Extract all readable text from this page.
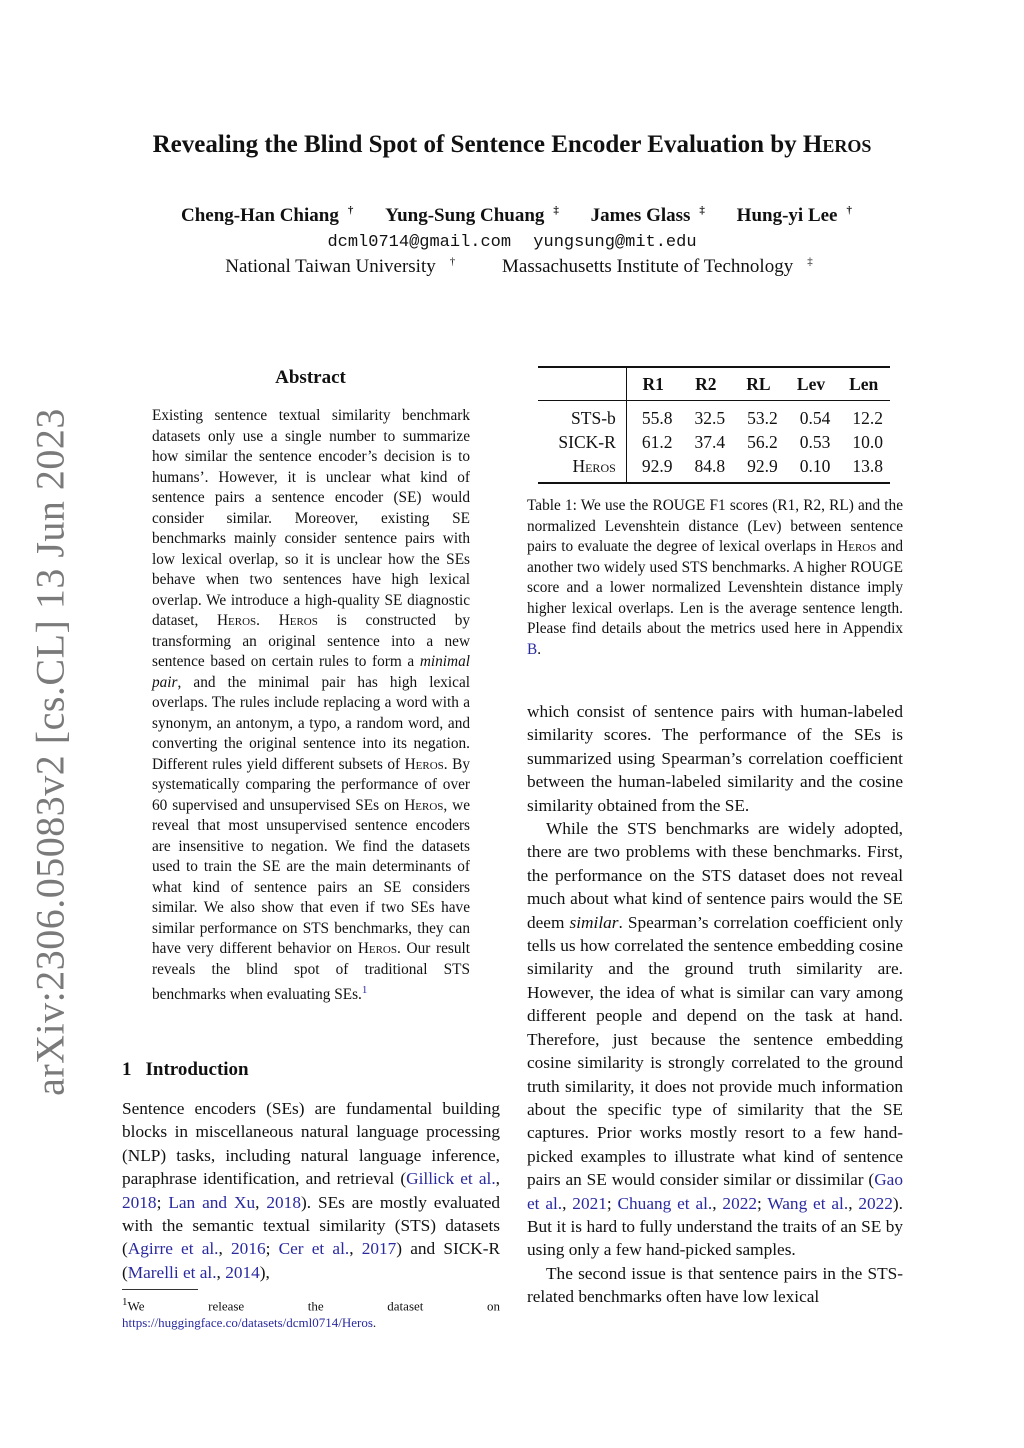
arXiv:2306.05083v2 [cs.CL] 13 Jun 2023
Revealing the Blind Spot of Sentence Encoder Evaluation by Heros
Cheng-Han Chiang † Yung-Sung Chuang ‡ James Glass ‡ Hung-yi Lee †
dcml0714@gmail.com yungsung@mit.edu
National Taiwan University † Massachusetts Institute of Technology ‡
Abstract
Existing sentence textual similarity benchmark datasets only use a single number to summarize how similar the sentence encoder’s decision is to humans’. However, it is unclear what kind of sentence pairs a sentence encoder (SE) would consider similar. Moreover, existing SE benchmarks mainly consider sentence pairs with low lexical overlap, so it is unclear how the SEs behave when two sentences have high lexical overlap. We introduce a high-quality SE diagnostic dataset, Heros. Heros is constructed by transforming an original sentence into a new sentence based on certain rules to form a minimal pair, and the minimal pair has high lexical overlaps. The rules include replacing a word with a synonym, an antonym, a typo, a random word, and converting the original sentence into its negation. Different rules yield different subsets of Heros. By systematically comparing the performance of over 60 supervised and unsupervised SEs on Heros, we reveal that most unsupervised sentence encoders are insensitive to negation. We find the datasets used to train the SE are the main determinants of what kind of sentence pairs an SE considers similar. We also show that even if two SEs have similar performance on STS benchmarks, they can have very different behavior on Heros. Our result reveals the blind spot of traditional STS benchmarks when evaluating SEs.$^1$
1 Introduction
Sentence encoders (SEs) are fundamental building blocks in miscellaneous natural language processing (NLP) tasks, including natural language inference, paraphrase identification, and retrieval (Gillick et al., 2018; Lan and Xu, 2018). SEs are mostly evaluated with the semantic textual similarity (STS) datasets (Agirre et al., 2016; Cer et al., 2017) and SICK-R (Marelli et al., 2014),
$^1$We release the dataset on https://huggingface.co/datasets/dcml0714/Heros.
	R1	R2	RL	Lev	Len
STS-b	55.8	32.5	53.2	0.54	12.2
SICK-R	61.2	37.4	56.2	0.53	10.0
Heros	92.9	84.8	92.9	0.10	13.8
Table 1: We use the ROUGE F1 scores (R1, R2, RL) and the normalized Levenshtein distance (Lev) between sentence pairs to evaluate the degree of lexical overlaps in Heros and another two widely used STS benchmarks. A higher ROUGE score and a lower normalized Levenshtein distance imply higher lexical overlaps. Len is the average sentence length. Please find details about the metrics used here in Appendix B.

which consist of sentence pairs with human-labeled similarity scores. The performance of the SEs is summarized using Spearman’s correlation coefficient between the human-labeled similarity and the cosine similarity obtained from the SE.

While the STS benchmarks are widely adopted, there are two problems with these benchmarks. First, the performance on the STS dataset does not reveal much about what kind of sentence pairs would the SE deem similar. Spearman’s correlation coefficient only tells us how correlated the sentence embedding cosine similarity and the ground truth similarity are. However, the idea of what is similar can vary among different people and depend on the task at hand. Therefore, just because the sentence embedding cosine similarity is strongly correlated to the ground truth similarity, it does not provide much information about the specific type of similarity that the SE captures. Prior works mostly resort to a few hand-picked examples to illustrate what kind of sentence pairs an SE would consider similar or dissimilar (Gao et al., 2021; Chuang et al., 2022; Wang et al., 2022). But it is hard to fully understand the traits of an SE by using only a few hand-picked samples.

The second issue is that sentence pairs in the STS-related benchmarks often have low lexical
